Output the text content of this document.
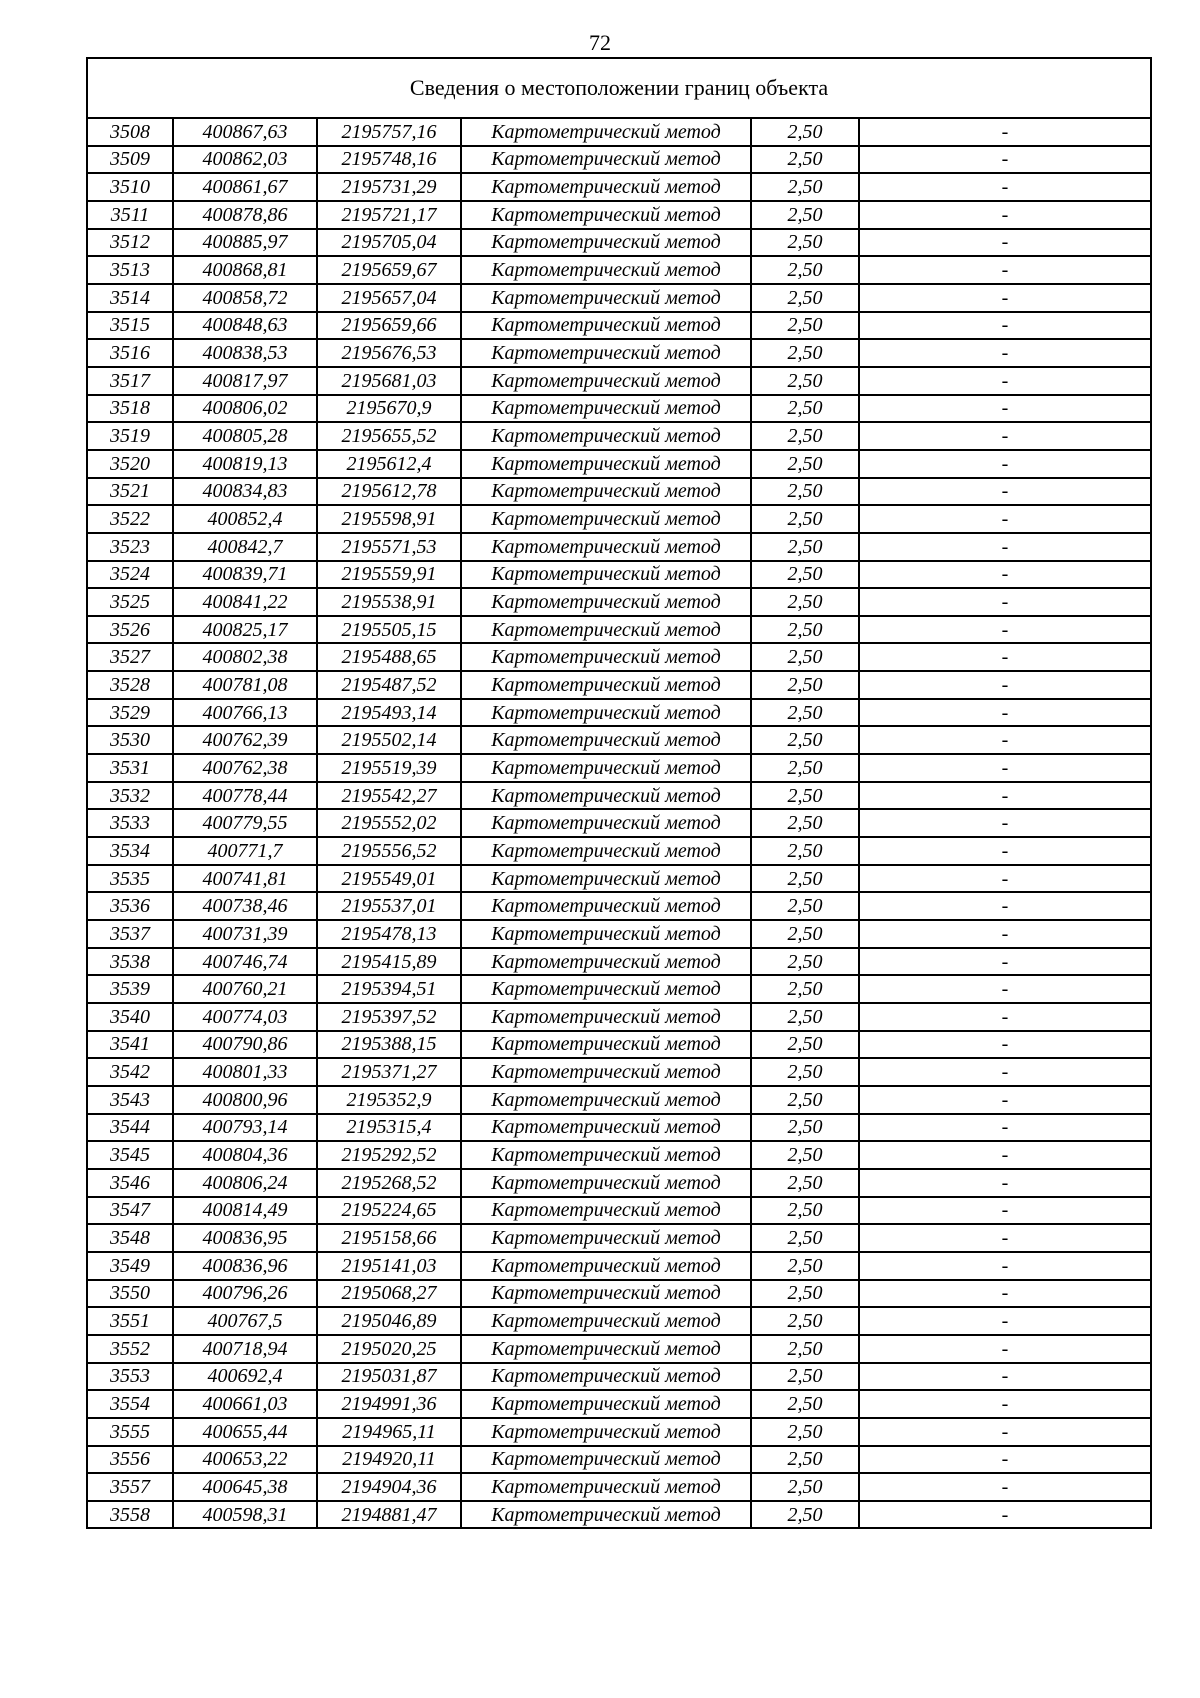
72
Сведения о местоположении границ объекта					
3508	400867,63	2195757,16	Картометрический метод	2,50	-
3509	400862,03	2195748,16	Картометрический метод	2,50	-
3510	400861,67	2195731,29	Картометрический метод	2,50	-
3511	400878,86	2195721,17	Картометрический метод	2,50	-
3512	400885,97	2195705,04	Картометрический метод	2,50	-
3513	400868,81	2195659,67	Картометрический метод	2,50	-
3514	400858,72	2195657,04	Картометрический метод	2,50	-
3515	400848,63	2195659,66	Картометрический метод	2,50	-
3516	400838,53	2195676,53	Картометрический метод	2,50	-
3517	400817,97	2195681,03	Картометрический метод	2,50	-
3518	400806,02	2195670,9	Картометрический метод	2,50	-
3519	400805,28	2195655,52	Картометрический метод	2,50	-
3520	400819,13	2195612,4	Картометрический метод	2,50	-
3521	400834,83	2195612,78	Картометрический метод	2,50	-
3522	400852,4	2195598,91	Картометрический метод	2,50	-
3523	400842,7	2195571,53	Картометрический метод	2,50	-
3524	400839,71	2195559,91	Картометрический метод	2,50	-
3525	400841,22	2195538,91	Картометрический метод	2,50	-
3526	400825,17	2195505,15	Картометрический метод	2,50	-
3527	400802,38	2195488,65	Картометрический метод	2,50	-
3528	400781,08	2195487,52	Картометрический метод	2,50	-
3529	400766,13	2195493,14	Картометрический метод	2,50	-
3530	400762,39	2195502,14	Картометрический метод	2,50	-
3531	400762,38	2195519,39	Картометрический метод	2,50	-
3532	400778,44	2195542,27	Картометрический метод	2,50	-
3533	400779,55	2195552,02	Картометрический метод	2,50	-
3534	400771,7	2195556,52	Картометрический метод	2,50	-
3535	400741,81	2195549,01	Картометрический метод	2,50	-
3536	400738,46	2195537,01	Картометрический метод	2,50	-
3537	400731,39	2195478,13	Картометрический метод	2,50	-
3538	400746,74	2195415,89	Картометрический метод	2,50	-
3539	400760,21	2195394,51	Картометрический метод	2,50	-
3540	400774,03	2195397,52	Картометрический метод	2,50	-
3541	400790,86	2195388,15	Картометрический метод	2,50	-
3542	400801,33	2195371,27	Картометрический метод	2,50	-
3543	400800,96	2195352,9	Картометрический метод	2,50	-
3544	400793,14	2195315,4	Картометрический метод	2,50	-
3545	400804,36	2195292,52	Картометрический метод	2,50	-
3546	400806,24	2195268,52	Картометрический метод	2,50	-
3547	400814,49	2195224,65	Картометрический метод	2,50	-
3548	400836,95	2195158,66	Картометрический метод	2,50	-
3549	400836,96	2195141,03	Картометрический метод	2,50	-
3550	400796,26	2195068,27	Картометрический метод	2,50	-
3551	400767,5	2195046,89	Картометрический метод	2,50	-
3552	400718,94	2195020,25	Картометрический метод	2,50	-
3553	400692,4	2195031,87	Картометрический метод	2,50	-
3554	400661,03	2194991,36	Картометрический метод	2,50	-
3555	400655,44	2194965,11	Картометрический метод	2,50	-
3556	400653,22	2194920,11	Картометрический метод	2,50	-
3557	400645,38	2194904,36	Картометрический метод	2,50	-
3558	400598,31	2194881,47	Картометрический метод	2,50	-
